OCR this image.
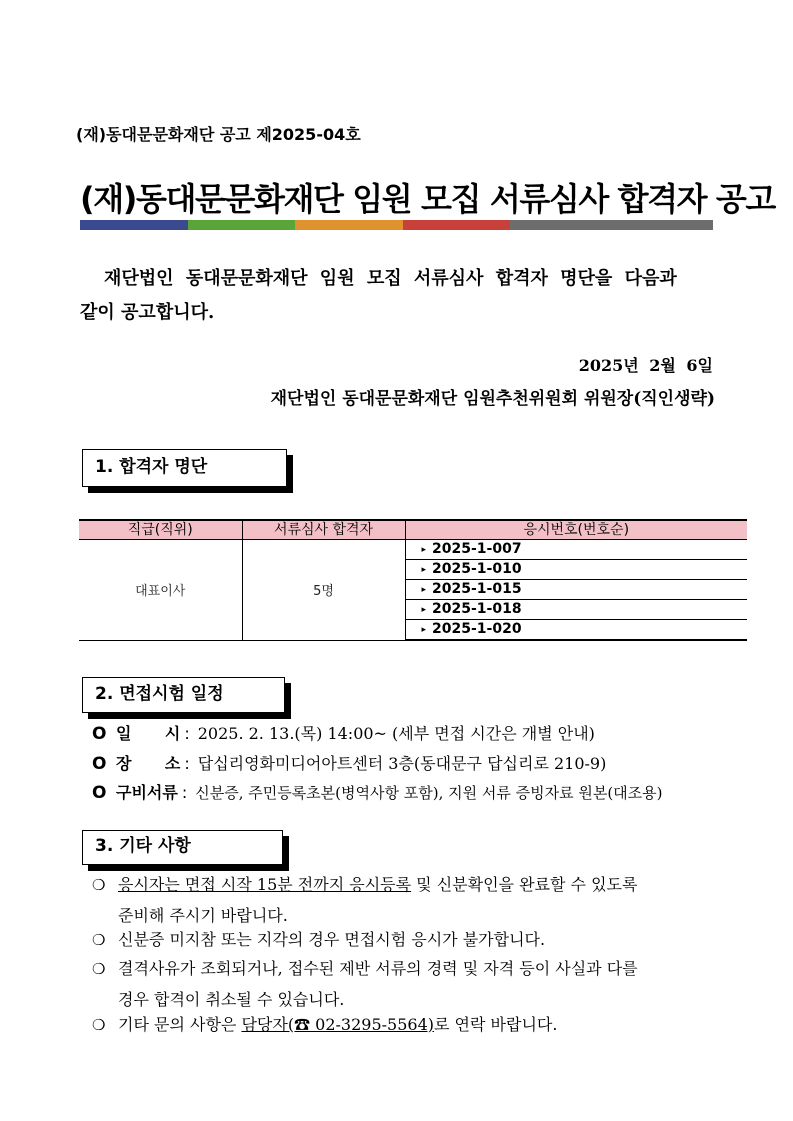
(재)동대문문화재단 공고 제2025-04호
(재)동대문문화재단 임원 모집 서류심사 합격자 공고
재단법인 동대문문화재단 임원 모집 서류심사 합격자 명단을 다음과
같이 공고합니다.
2025년 2월 6일
재단법인 동대문문화재단 임원추천위원회 위원장(직인생략)
1. 합격자 명단
직급(직위)	서류심사 합격자	응시번호(번호순)
대표이사	5명	▸ 2025-1-007
		▸ 2025-1-010
		▸ 2025-1-015
		▸ 2025-1-018
		▸ 2025-1-020
2. 면접시험 일정
O 일      시 : 2025. 2. 13.(목) 14:00~ (세부 면접 시간은 개별 안내)
O 장      소 : 답십리영화미디어아트센터 3층(동대문구 답십리로 210-9)
O 구비서류 : 신분증, 주민등록초본(병역사항 포함), 지원 서류 증빙자료 원본(대조용)
3. 기타 사항
❍ 응시자는 면접 시작 15분 전까지 응시등록 및 신분확인을 완료할 수 있도록
준비해 주시기 바랍니다.
❍ 신분증 미지참 또는 지각의 경우 면접시험 응시가 불가합니다.
❍ 결격사유가 조회되거나, 접수된 제반 서류의 경력 및 자격 등이 사실과 다를
경우 합격이 취소될 수 있습니다.
❍ 기타 문의 사항은 담당자(☎ 02-3295-5564)로 연락 바랍니다.
